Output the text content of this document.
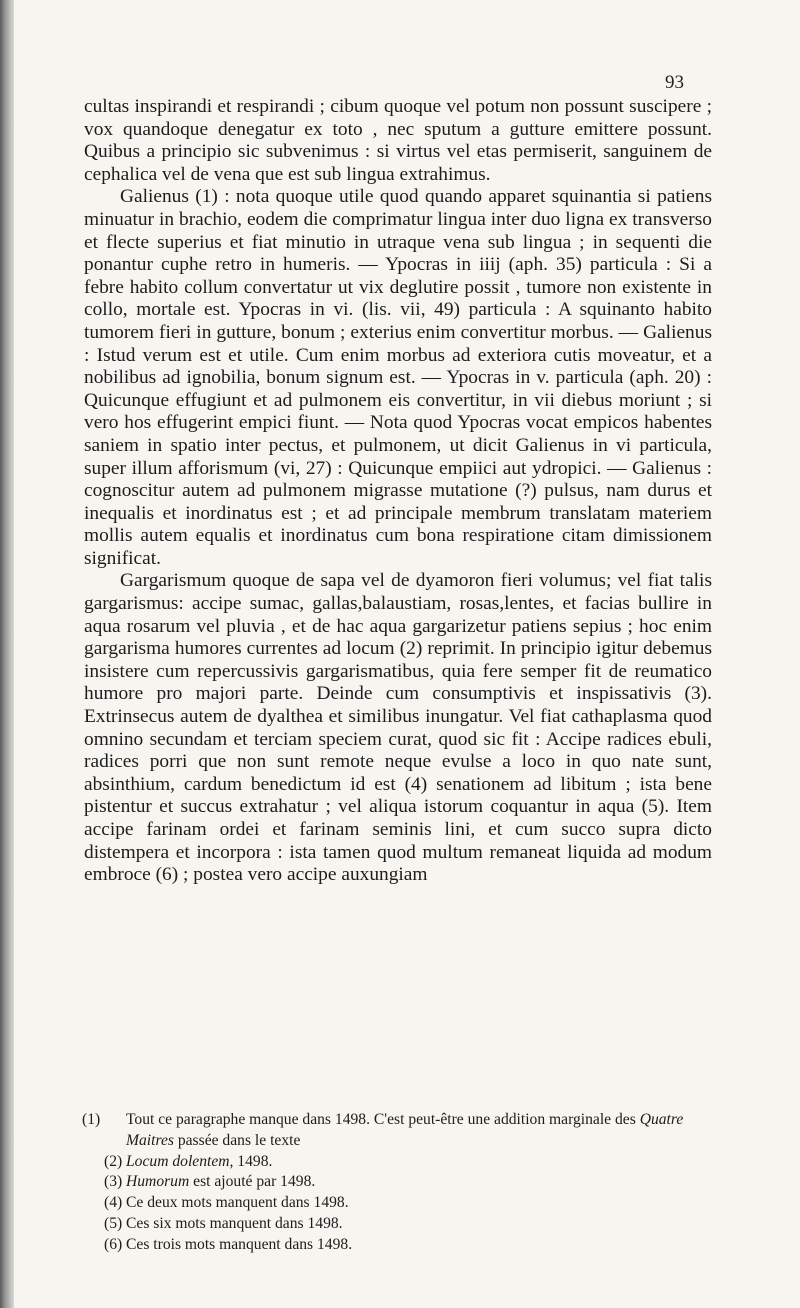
93

cultas inspirandi et respirandi ; cibum quoque vel potum non possunt suscipere ; vox quandoque denegatur ex toto , nec sputum a gutture emittere possunt. Quibus a principio sic subvenimus : si virtus vel etas permiserit, sanguinem de cephalica vel de vena que est sub lingua extrahimus.

Galienus (1) : nota quoque utile quod quando apparet squinantia si patiens minuatur in brachio, eodem die comprimatur lingua inter duo ligna ex transverso et flecte superius et fiat minutio in utraque vena sub lingua ; in sequenti die ponantur cuphe retro in humeris. — Ypocras in iiij (aph. 35) particula : Si a febre habito collum convertatur ut vix deglutire possit , tumore non existente in collo, mortale est. Ypocras in vi. (lis. vii, 49) particula : A squinanto habito tumorem fieri in gutture, bonum ; exterius enim convertitur morbus. — Galienus : Istud verum est et utile. Cum enim morbus ad exteriora cutis moveatur, et a nobilibus ad ignobilia, bonum signum est. — Ypocras in v. particula (aph. 20) : Quicunque effugiunt et ad pulmonem eis convertitur, in vii diebus moriunt ; si vero hos effugerint empici fiunt. — Nota quod Ypocras vocat empicos habentes saniem in spatio inter pectus, et pulmonem, ut dicit Galienus in vi particula, super illum afforismum (vi, 27) : Quicunque empiici aut ydropici. — Galienus : cognoscitur autem ad pulmonem migrasse mutatione (?) pulsus, nam durus et inequalis et inordinatus est ; et ad principale membrum translatam materiem mollis autem equalis et inordinatus cum bona respiratione citam dimissionem significat.

Gargarismum quoque de sapa vel de dyamoron fieri volumus; vel fiat talis gargarismus: accipe sumac, gallas,balaustiam, rosas,lentes, et facias bullire in aqua rosarum vel pluvia , et de hac aqua gargarizetur patiens sepius ; hoc enim gargarisma humores currentes ad locum (2) reprimit. In principio igitur debemus insistere cum repercussivis gargarismatibus, quia fere semper fit de reumatico humore pro majori parte. Deinde cum consumptivis et inspissativis (3). Extrinsecus autem de dyalthea et similibus inungatur. Vel fiat cathaplasma quod omnino secundam et terciam speciem curat, quod sic fit : Accipe radices ebuli, radices porri que non sunt remote neque evulse a loco in quo nate sunt, absinthium, cardum benedictum id est (4) senationem ad libitum ; ista bene pistentur et succus extrahatur ; vel aliqua istorum coquantur in aqua (5). Item accipe farinam ordei et farinam seminis lini, et cum succo supra dicto distempera et incorpora : ista tamen quod multum remaneat liquida ad modum embroce (6) ; postea vero accipe auxungiam

(1) Tout ce paragraphe manque dans 1498. C'est peut-être une addition marginale des Quatre Maitres passée dans le texte

(2) Locum dolentem, 1498.

(3) Humorum est ajouté par 1498.

(4) Ce deux mots manquent dans 1498.

(5) Ces six mots manquent dans 1498.

(6) Ces trois mots manquent dans 1498.
